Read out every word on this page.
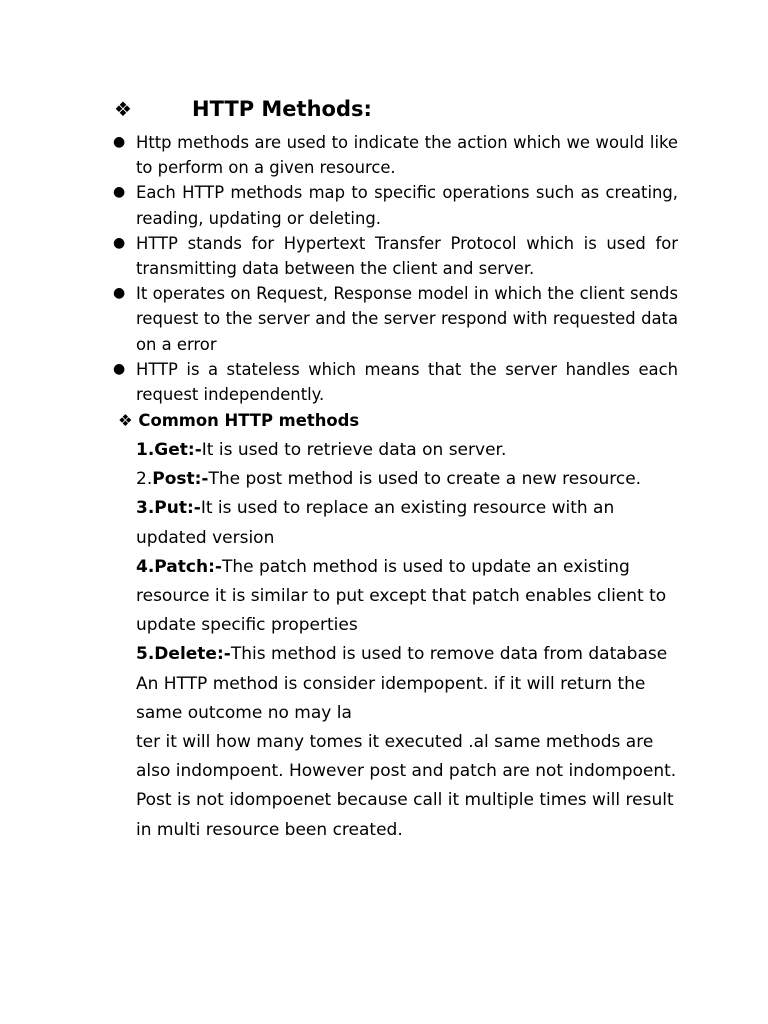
❖	HTTP Methods:
● Http methods are used to indicate the action which we would like to perform on a given resource.
● Each HTTP methods map to specific operations such as creating, reading, updating or deleting.
● HTTP stands for Hypertext Transfer Protocol which is used for transmitting data between the client and server.
● It operates on Request, Response model in which the client sends request to the server and the server respond with requested data on a error
● HTTP is a stateless which means that the server handles each request independently.
❖ Common HTTP methods

1.Get:-It is used to retrieve data on server.

2.Post:-The post method is used to create a new resource.

3.Put:-It is used to replace an existing resource with an updated version

4.Patch:-The patch method is used to update an existing resource it is similar to put except that patch enables client to update specific properties

5.Delete:-This method is used to remove data from database

An HTTP method is consider idempopent. if it will return the same outcome no may la

ter it will how many tomes it executed .al same methods are also indompoent. However post and patch are not indompoent. Post is not idompoenet because call it multiple times will result in multi resource been created.
